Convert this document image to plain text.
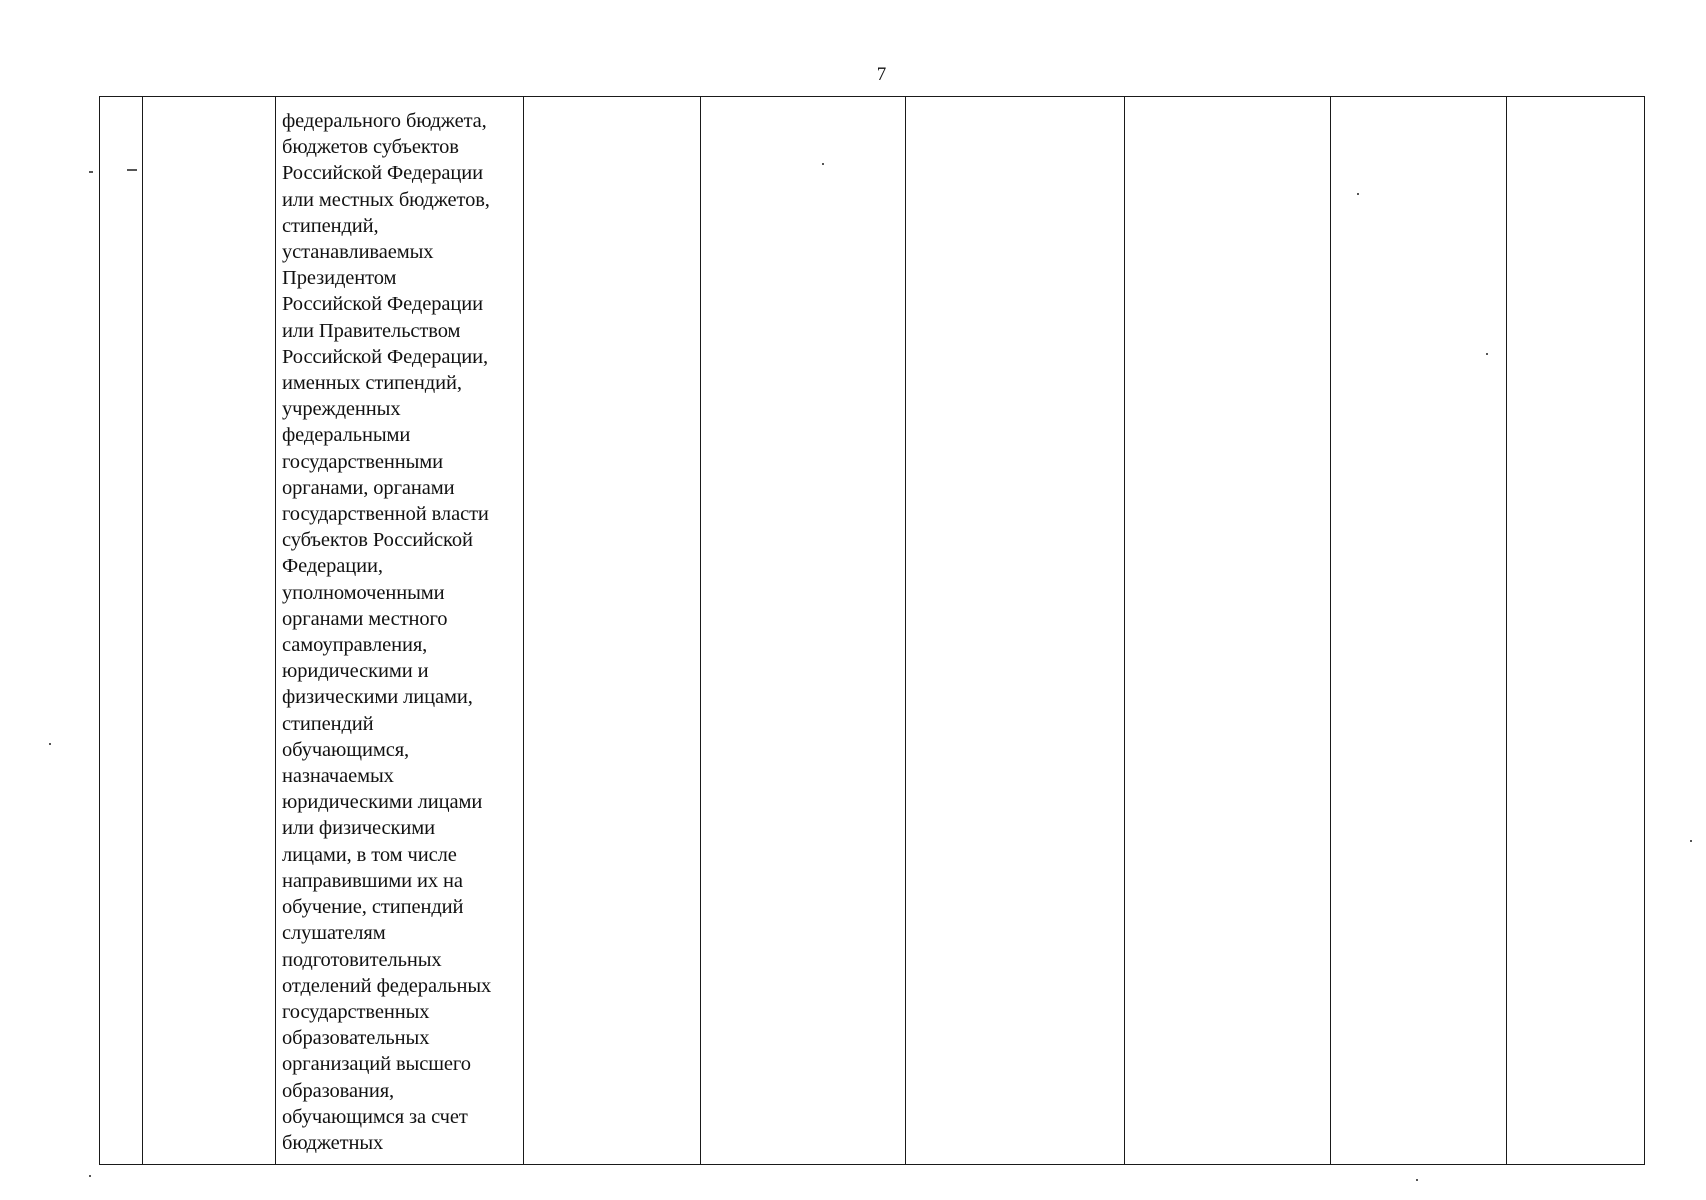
7

федерального бюджета,
бюджетов субъектов
Российской Федерации
или местных бюджетов,
стипендий,
устанавливаемых
Президентом
Российской Федерации
или Правительством
Российской Федерации,
именных стипендий,
учрежденных
федеральными
государственными
органами, органами
государственной власти
субъектов Российской
Федерации,
уполномоченными
органами местного
самоуправления,
юридическими и
физическими лицами,
стипендий
обучающимся,
назначаемых
юридическими лицами
или физическими
лицами, в том числе
направившими их на
обучение, стипендий
слушателям
подготовительных
отделений федеральных
государственных
образовательных
организаций высшего
образования,
обучающимся за счет
бюджетных
